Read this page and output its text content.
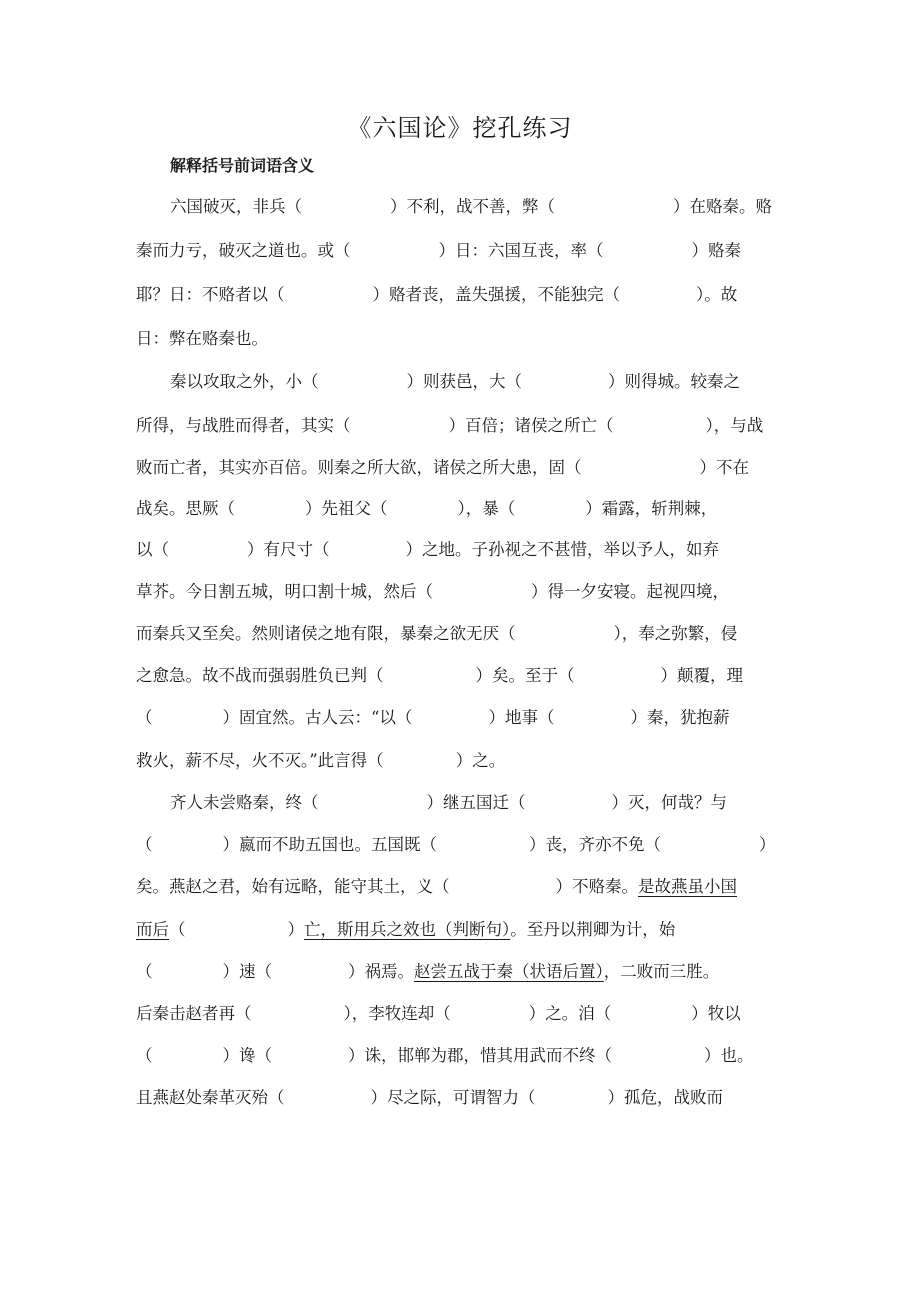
《六国论》挖孔练习
解释括号前词语含义
六国破灭，非兵（	）不利，战不善，弊（	）在赂秦。赂
秦而力亏，破灭之道也。或（	）日：六国互丧，率（	）赂秦
耶？日：不赂者以（	）赂者丧，盖失强援，不能独完（	）。故
日：弊在赂秦也。
秦以攻取之外，小（	）则获邑，大（	）则得城。较秦之
所得，与战胜而得者，其实（	）百倍；诸侯之所亡（	），与战
败而亡者，其实亦百倍。则秦之所大欲，诸侯之所大患，固（	）不在
战矣。思厥（	）先祖父（	），暴（	）霜露，斩荆棘，
以（	）有尺寸（	）之地。子孙视之不甚惜，举以予人，如弃
草芥。今日割五城，明口割十城，然后（	）得一夕安寝。起视四境，
而秦兵又至矣。然则诸侯之地有限，暴秦之欲无厌（	），奉之弥繁，侵
之愈急。故不战而强弱胜负已判（	）矣。至于（	）颠覆，理
（	）固宜然。古人云：“以（	）地事（	）秦，犹抱薪
救火，薪不尽，火不灭。”此言得（	）之。
齐人未尝赂秦，终（	）继五国迁（	）灭，何哉？与
（	）嬴而不助五国也。五国既（	）丧，齐亦不免（	）
矣。燕赵之君，始有远略，能守其土，义（	）不赂秦。是故燕虽小国
而后（	）亡，斯用兵之效也（判断句）。至丹以荆卿为计，始
（	）速（	）祸焉。赵尝五战于秦（状语后置），二败而三胜。
后秦击赵者再（	），李牧连却（	）之。洎（	）牧以
（	）谗（	）诛，邯郸为郡，惜其用武而不终（	）也。
且燕赵处秦革灭殆（	）尽之际，可谓智力（	）孤危，战败而
